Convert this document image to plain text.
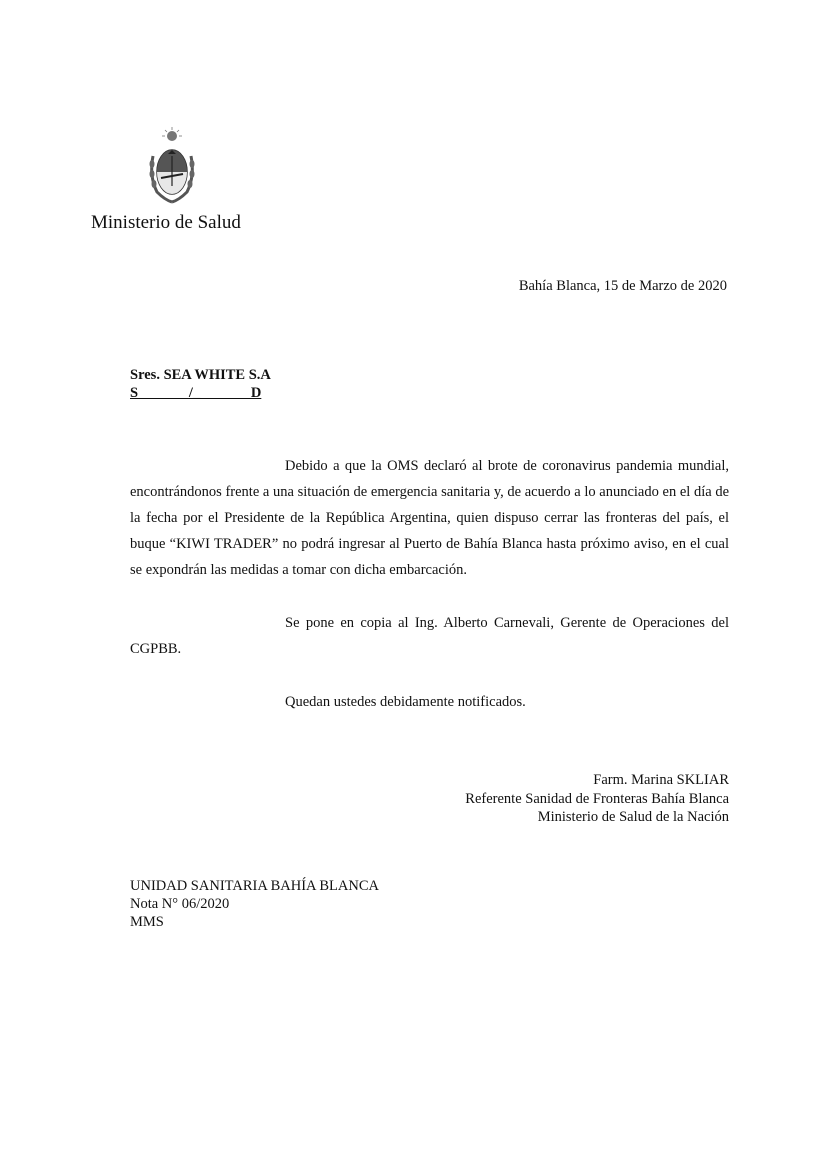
Ministerio de Salud
Bahía Blanca, 15 de Marzo de 2020
Sres. SEA WHITE S.A
S              /_              D

Debido a que la OMS declaró al brote de coronavirus pandemia mundial, encontrándonos frente a una situación de emergencia sanitaria y, de acuerdo a lo anunciado en el día de la fecha por el Presidente de la República Argentina, quien dispuso cerrar las fronteras del país, el buque “KIWI TRADER” no podrá ingresar al Puerto de Bahía Blanca hasta próximo aviso, en el cual se expondrán las medidas a tomar con dicha embarcación.

Se pone en copia al Ing. Alberto Carnevali, Gerente de Operaciones del CGPBB.

Quedan ustedes debidamente notificados.

Farm. Marina SKLIAR
Referente Sanidad de Fronteras Bahía Blanca
Ministerio de Salud de la Nación
UNIDAD SANITARIA BAHÍA BLANCA
Nota N° 06/2020
MMS
